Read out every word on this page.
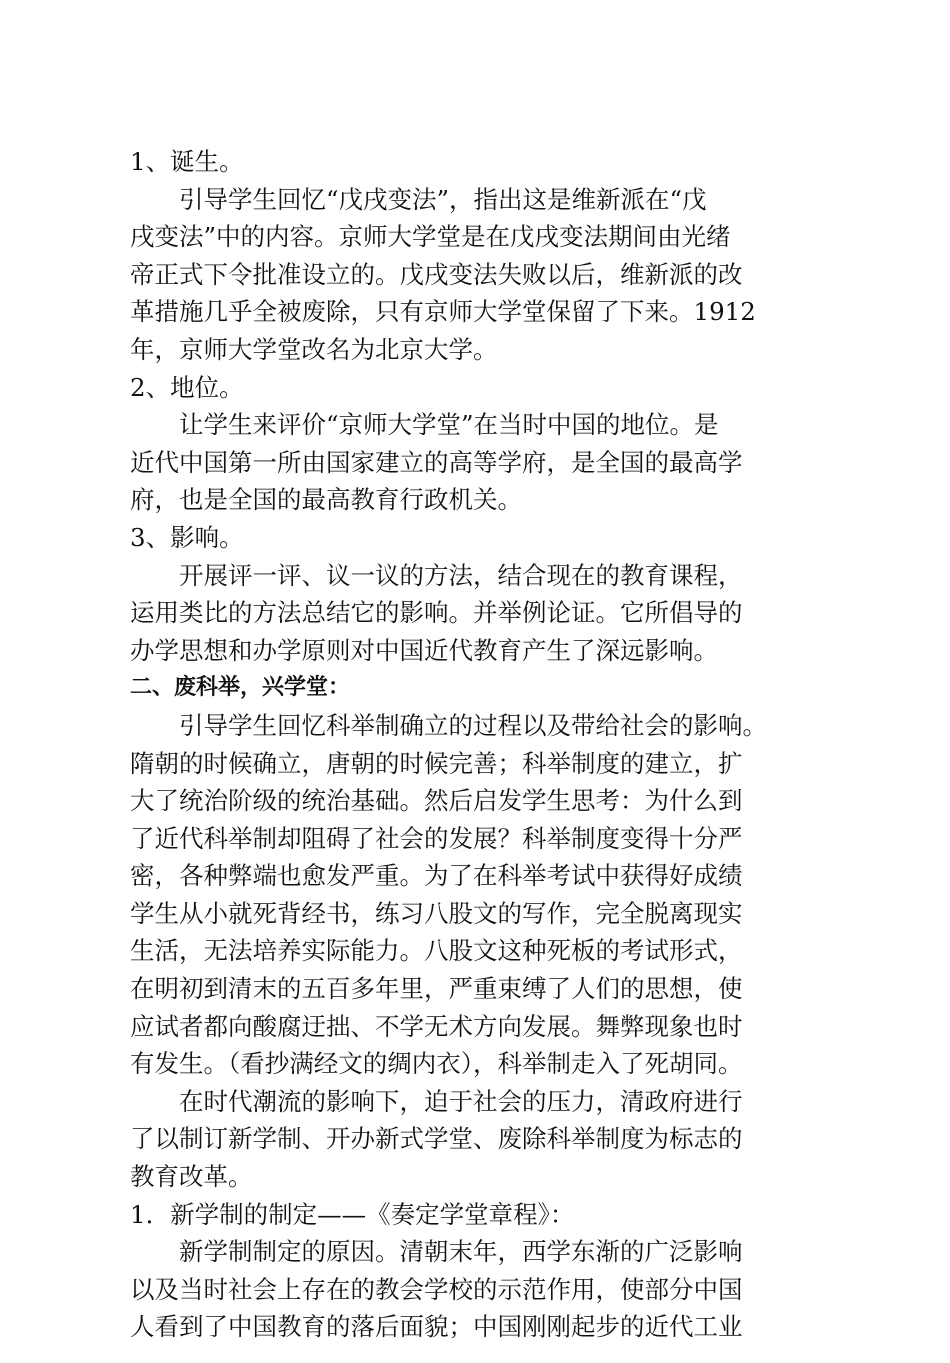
1、诞生。
引导学生回忆“戊戌变法”，指出这是维新派在“戊
戌变法”中的内容。京师大学堂是在戊戌变法期间由光绪
帝正式下令批准设立的。戊戌变法失败以后，维新派的改
革措施几乎全被废除，只有京师大学堂保留了下来。1912
年，京师大学堂改名为北京大学。
2、地位。
让学生来评价“京师大学堂”在当时中国的地位。是
近代中国第一所由国家建立的高等学府，是全国的最高学
府，也是全国的最高教育行政机关。
3、影响。
开展评一评、议一议的方法，结合现在的教育课程，
运用类比的方法总结它的影响。并举例论证。它所倡导的
办学思想和办学原则对中国近代教育产生了深远影响。
二、废科举，兴学堂：
引导学生回忆科举制确立的过程以及带给社会的影响。
隋朝的时候确立，唐朝的时候完善；科举制度的建立，扩
大了统治阶级的统治基础。然后启发学生思考：为什么到
了近代科举制却阻碍了社会的发展？科举制度变得十分严
密，各种弊端也愈发严重。为了在科举考试中获得好成绩
学生从小就死背经书，练习八股文的写作，完全脱离现实
生活，无法培养实际能力。八股文这种死板的考试形式，
在明初到清末的五百多年里，严重束缚了人们的思想，使
应试者都向酸腐迂拙、不学无术方向发展。舞弊现象也时
有发生。（看抄满经文的绸内衣），科举制走入了死胡同。
在时代潮流的影响下，迫于社会的压力，清政府进行
了以制订新学制、开办新式学堂、废除科举制度为标志的
教育改革。
1．新学制的制定——《奏定学堂章程》：
新学制制定的原因。清朝末年，西学东渐的广泛影响
以及当时社会上存在的教会学校的示范作用，使部分中国
人看到了中国教育的落后面貌；中国刚刚起步的近代工业
